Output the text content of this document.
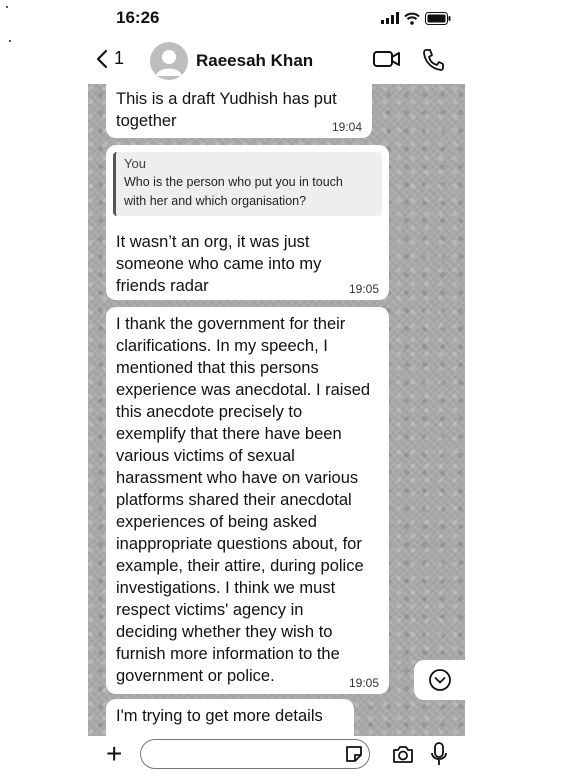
16:26
1	Raeesah Khan
This is a draft Yudhish has put
together	19:04
You
Who is the person who put you in touch
with her and which organisation?
It wasn’t an org, it was just
someone who came into my
friends radar	19:05
I thank the government for their
clarifications. In my speech, I
mentioned that this persons
experience was anecdotal. I raised
this anecdote precisely to
exemplify that there have been
various victims of sexual
harassment who have on various
platforms shared their anecdotal
experiences of being asked
inappropriate questions about, for
example, their attire, during police
investigations. I think we must
respect victims' agency in
deciding whether they wish to
furnish more information to the
government or police.	19:05
I'm trying to get more details
+
